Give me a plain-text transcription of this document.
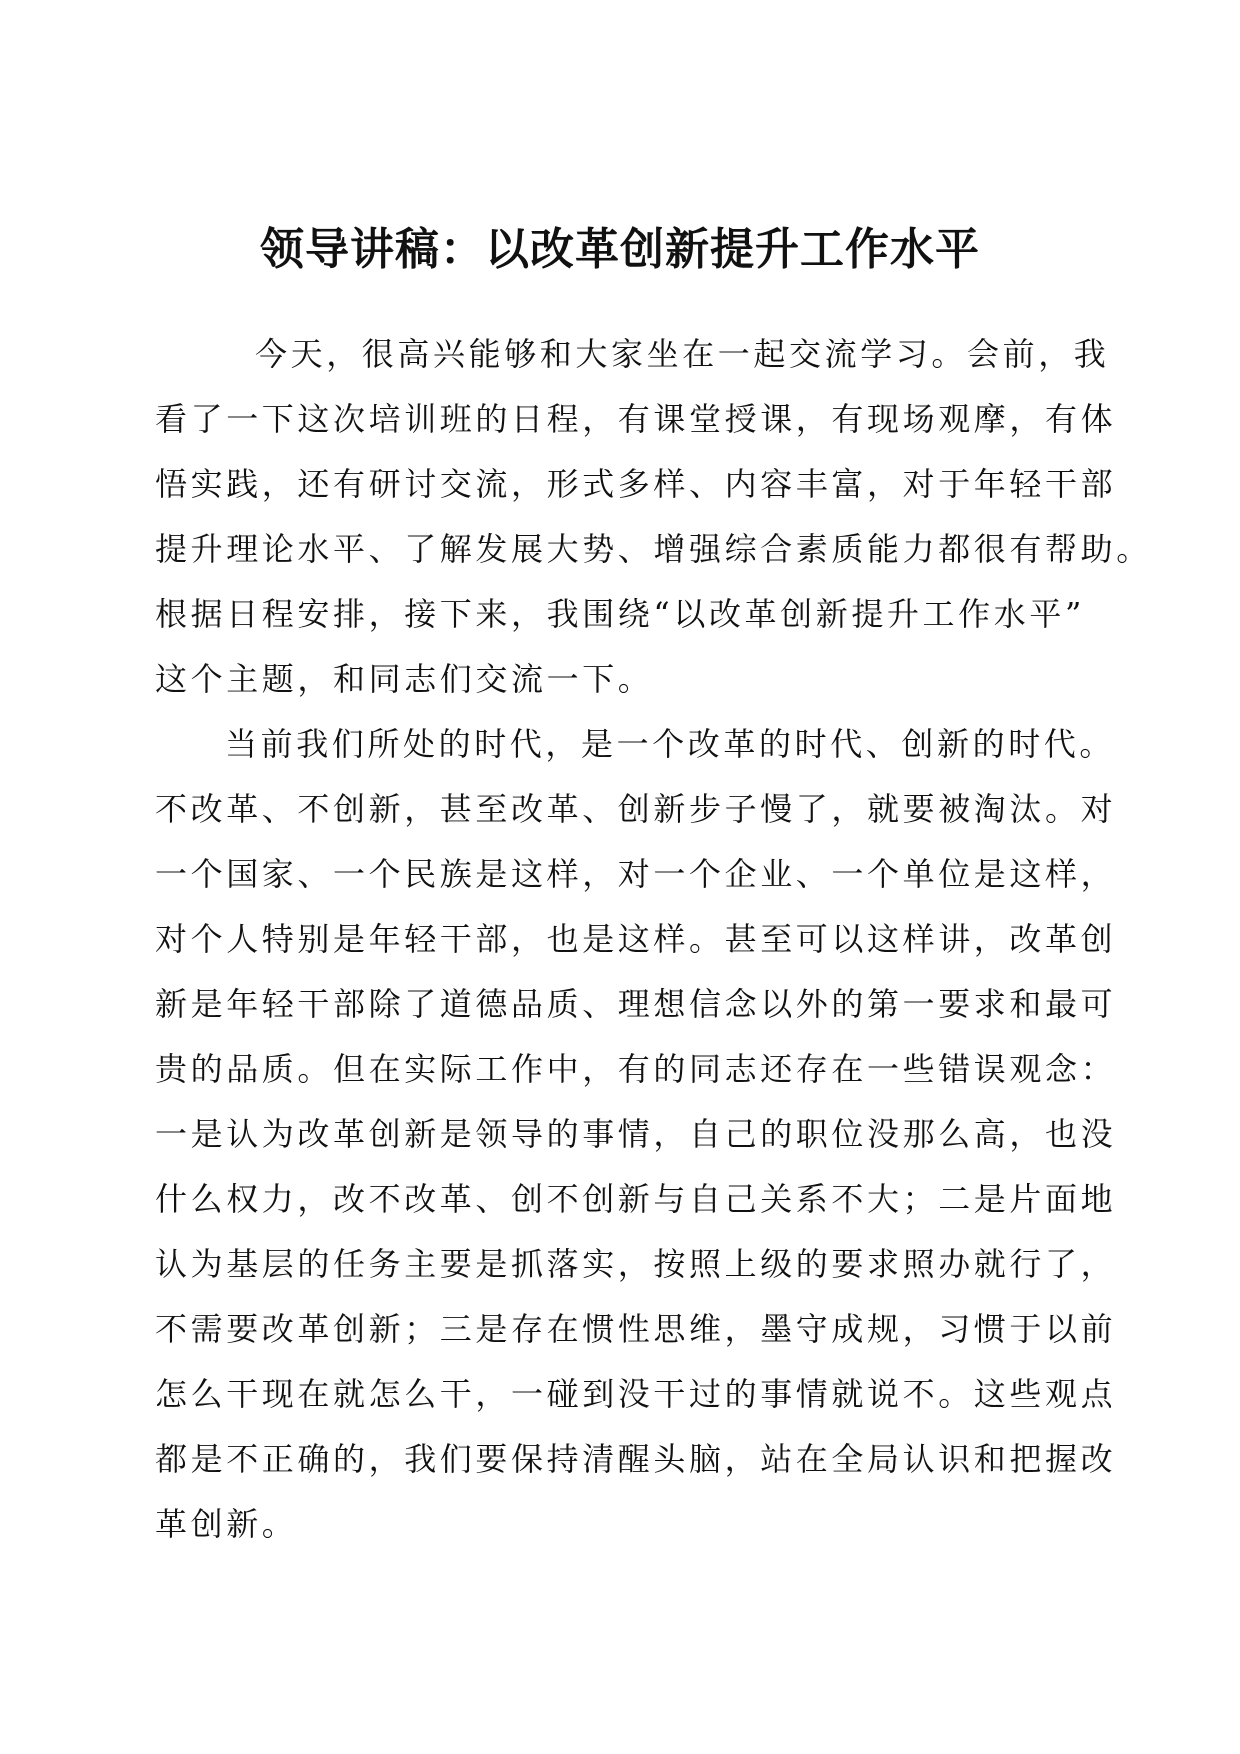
领导讲稿：以改革创新提升工作水平
今天，很高兴能够和大家坐在一起交流学习。会前，我
看了一下这次培训班的日程，有课堂授课，有现场观摩，有体
悟实践，还有研讨交流，形式多样、内容丰富，对于年轻干部
提升理论水平、了解发展大势、增强综合素质能力都很有帮助。
根据日程安排，接下来，我围绕“以改革创新提升工作水平”
这个主题，和同志们交流一下。
当前我们所处的时代，是一个改革的时代、创新的时代。
不改革、不创新，甚至改革、创新步子慢了，就要被淘汰。对
一个国家、一个民族是这样，对一个企业、一个单位是这样，
对个人特别是年轻干部，也是这样。甚至可以这样讲，改革创
新是年轻干部除了道德品质、理想信念以外的第一要求和最可
贵的品质。但在实际工作中，有的同志还存在一些错误观念：
一是认为改革创新是领导的事情，自己的职位没那么高，也没
什么权力，改不改革、创不创新与自己关系不大；二是片面地
认为基层的任务主要是抓落实，按照上级的要求照办就行了，
不需要改革创新；三是存在惯性思维，墨守成规，习惯于以前
怎么干现在就怎么干，一碰到没干过的事情就说不。这些观点
都是不正确的，我们要保持清醒头脑，站在全局认识和把握改
革创新。
